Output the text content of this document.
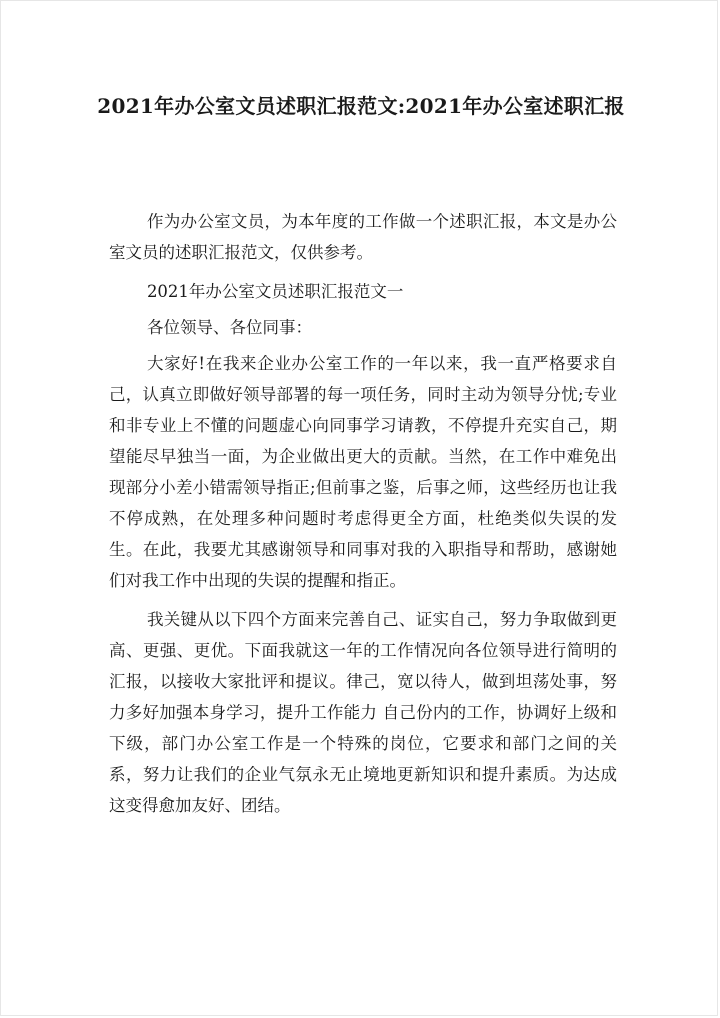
2021年办公室文员述职汇报范文:2021年办公室述职汇报

作为办公室文员，为本年度的工作做一个述职汇报，本文是办公室文员的述职汇报范文，仅供参考。

2021年办公室文员述职汇报范文一

各位领导、各位同事：

大家好!在我来企业办公室工作的一年以来，我一直严格要求自己，认真立即做好领导部署的每一项任务，同时主动为领导分忧;专业和非专业上不懂的问题虚心向同事学习请教，不停提升充实自己，期望能尽早独当一面，为企业做出更大的贡献。当然，在工作中难免出现部分小差小错需领导指正;但前事之鉴，后事之师，这些经历也让我不停成熟，在处理多种问题时考虑得更全方面，杜绝类似失误的发生。在此，我要尤其感谢领导和同事对我的入职指导和帮助，感谢她们对我工作中出现的失误的提醒和指正。

我关键从以下四个方面来完善自己、证实自己，努力争取做到更高、更强、更优。下面我就这一年的工作情况向各位领导进行简明的汇报，以接收大家批评和提议。律己，宽以待人，做到坦荡处事，努力多好加强本身学习，提升工作能力 自己份内的工作，协调好上级和下级，部门办公室工作是一个特殊的岗位，它要求和部门之间的关系，努力让我们的企业气氛永无止境地更新知识和提升素质。为达成这变得愈加友好、团结。
